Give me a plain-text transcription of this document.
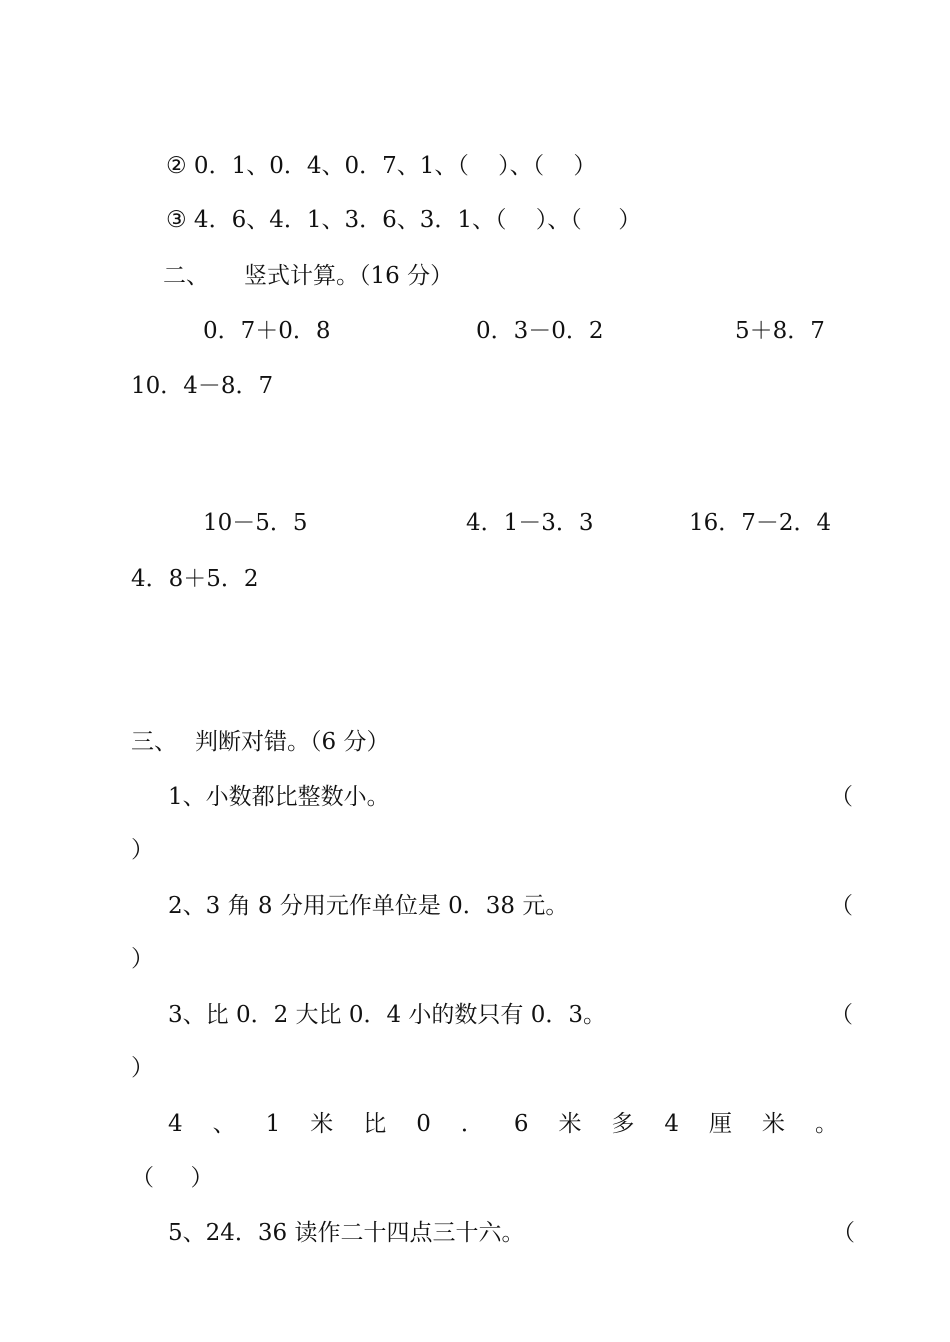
② 0．1、0．4、0．7、1、（    ）、（    ）
③ 4．6、4．1、3．6、3．1、（    ）、（     ）
二、 竖式计算。（16 分）
0．7＋0．8	0．3－0．2	5＋8．7
10．4－8．7
10－5．5	4．1－3．3	16．7－2．4
4．8＋5．2
三、 判断对错。（6 分）
1、小数都比整数小。	（
）
2、3 角 8 分用元作单位是 0．38 元。	（
）
3、比 0．2 大比 0．4 小的数只有 0．3。	（
）
4 、 1 米 比 0 ． 6 米 多 4 厘 米 。
（     ）
5、24．36 读作二十四点三十六。	（
